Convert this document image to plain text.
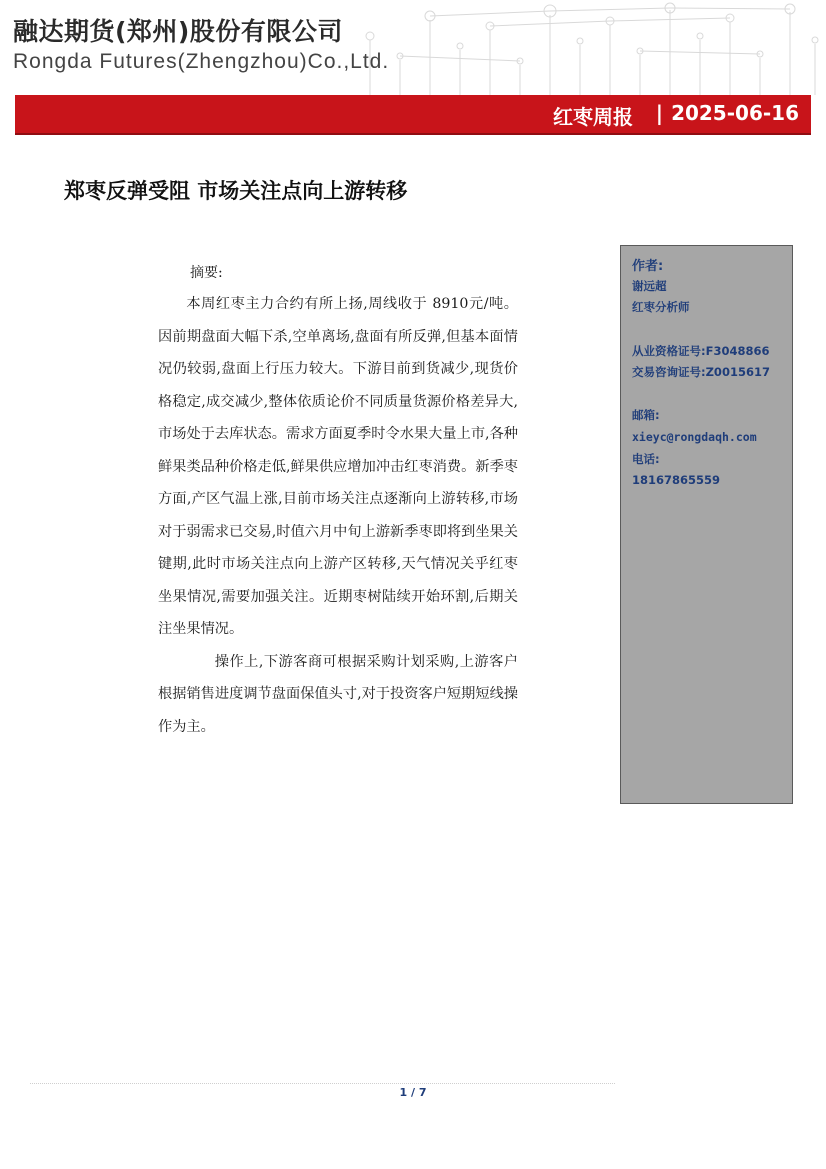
融达期货(郑州)股份有限公司
Rongda Futures(Zhengzhou)Co.,Ltd.
红枣周报 | 2025-06-16
郑枣反弹受阻 市场关注点向上游转移
摘要:

本周红枣主力合约有所上扬,周线收于 8910元/吨。因前期盘面大幅下杀,空单离场,盘面有所反弹,但基本面情况仍较弱,盘面上行压力较大。下游目前到货减少,现货价格稳定,成交减少,整体依质论价不同质量货源价格差异大,市场处于去库状态。需求方面夏季时令水果大量上市,各种鲜果类品种价格走低,鲜果供应增加冲击红枣消费。新季枣方面,产区气温上涨,目前市场关注点逐渐向上游转移,市场对于弱需求已交易,时值六月中旬上游新季枣即将到坐果关键期,此时市场关注点向上游产区转移,天气情况关乎红枣坐果情况,需要加强关注。近期枣树陆续开始环割,后期关注坐果情况。

操作上,下游客商可根据采购计划采购,上游客户根据销售进度调节盘面保值头寸,对于投资客户短期短线操作为主。

作者:
谢远超
红枣分析师
从业资格证号:F3048866
交易咨询证号:Z0015617
邮箱:
xieyc@rongdaqh.com
电话:
18167865559
1 / 7
